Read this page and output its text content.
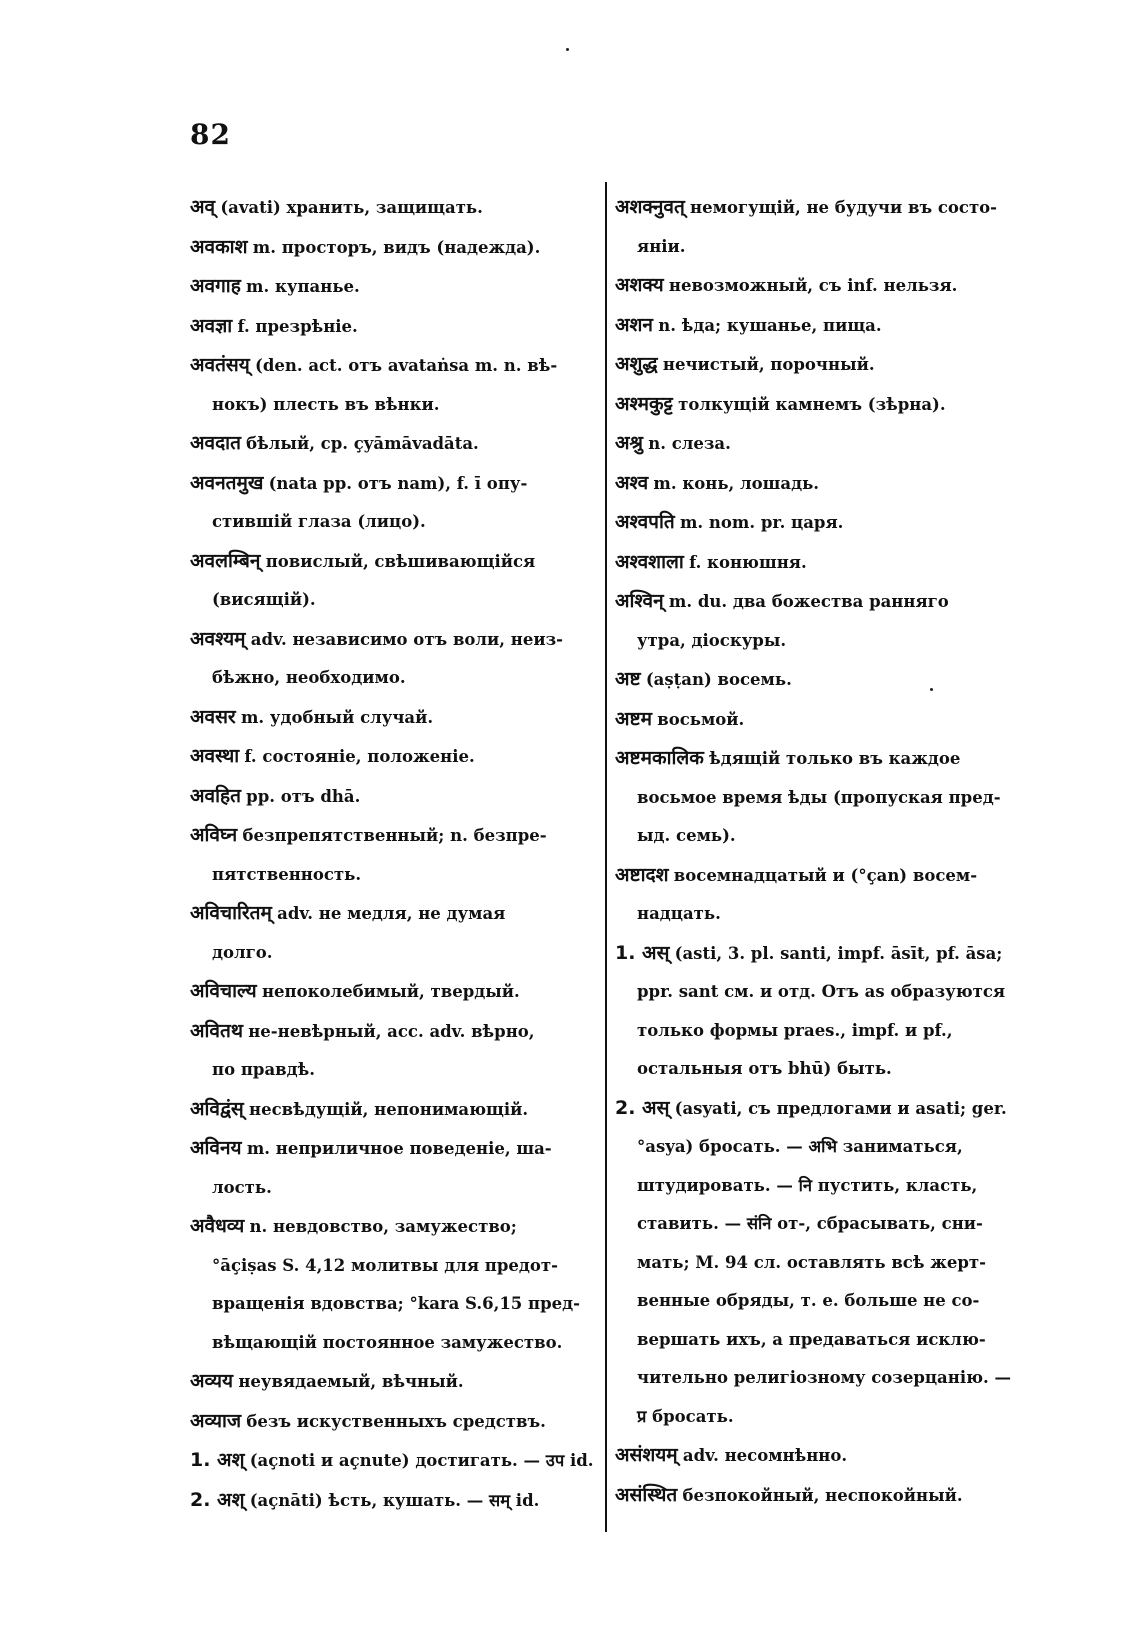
82
अव् (avati) хранить, защищать.
अवकाश m. просторъ, видъ (надежда).
अवगाह m. купанье.
अवज्ञा f. презрѣніе.
अवतंसय् (den. act. отъ avataṅsa m. n. вѣ-
нокъ) плесть въ вѣнки.
अवदात бѣлый, ср. çyāmāvadāta.
अवनतमुख (nata pp. отъ nam), f. ī опу-
стившій глаза (лицо).
अवलम्बिन् повислый, свѣшивающійся
(висящій).
अवश्यम् adv. независимо отъ воли, неиз-
бѣжно, необходимо.
अवसर m. удобный случай.
अवस्था f. состояніе, положеніе.
अवहित pp. отъ dhā.
अविघ्न безпрепятственный; n. безпре-
пятственность.
अविचारितम् adv. не медля, не думая
долго.
अविचाल्य непоколебимый, твердый.
अवितथ не-невѣрный, acc. adv. вѣрно,
по правдѣ.
अविद्वंस् несвѣдущій, непонимающій.
अविनय m. неприличное поведеніе, ша-
лость.
अवैधव्य n. невдовство, замужество;
°āçiṣas S. 4,12 молитвы для предот-
вращенія вдовства; °kara S.6,15 пред-
вѣщающій постоянное замужество.
अव्यय неувядаемый, вѣчный.
अव्याज безъ искуственныхъ средствъ.
1. अश् (açnoti и açnute) достигать. — उप id.
2. अश् (açnāti) ѣсть, кушать. — सम् id.
अशक्नुवत् немогущій, не будучи въ состо-
яніи.
अशक्य невозможный, съ inf. нельзя.
अशन n. ѣда; кушанье, пища.
अशुद्ध нечистый, порочный.
अश्मकुट्ट толкущій камнемъ (зѣрна).
अश्रु n. слеза.
अश्व m. конь, лошадь.
अश्वपति m. nom. pr. царя.
अश्वशाला f. конюшня.
अश्विन् m. du. два божества ранняго
утра, діоскуры.
अष्ट (aṣṭan) восемь.
अष्टम восьмой.
अष्टमकालिक ѣдящій только въ каждое
восьмое время ѣды (пропуская пред-
ыд. семь).
अष्टादश восемнадцатый и (°çan) восем-
надцать.
1. अस् (asti, 3. pl. santi, impf. āsīt, pf. āsa;
ppr. sant см. и отд. Отъ as образуются
только формы praes., impf. и pf.,
остальныя отъ bhū) быть.
2. अस् (asyati, съ предлогами и asati; ger.
°asya) бросать. — अभि заниматься,
штудировать. — नि пустить, класть,
ставить. — संनि от-, сбрасывать, сни-
мать; M. 94 сл. оставлять всѣ жерт-
венные обряды, т. е. больше не со-
вершать ихъ, а предаваться исклю-
чительно религіозному созерцанію. —
प्र бросать.
असंशयम् adv. несомнѣнно.
असंस्थित безпокойный, неспокойный.
